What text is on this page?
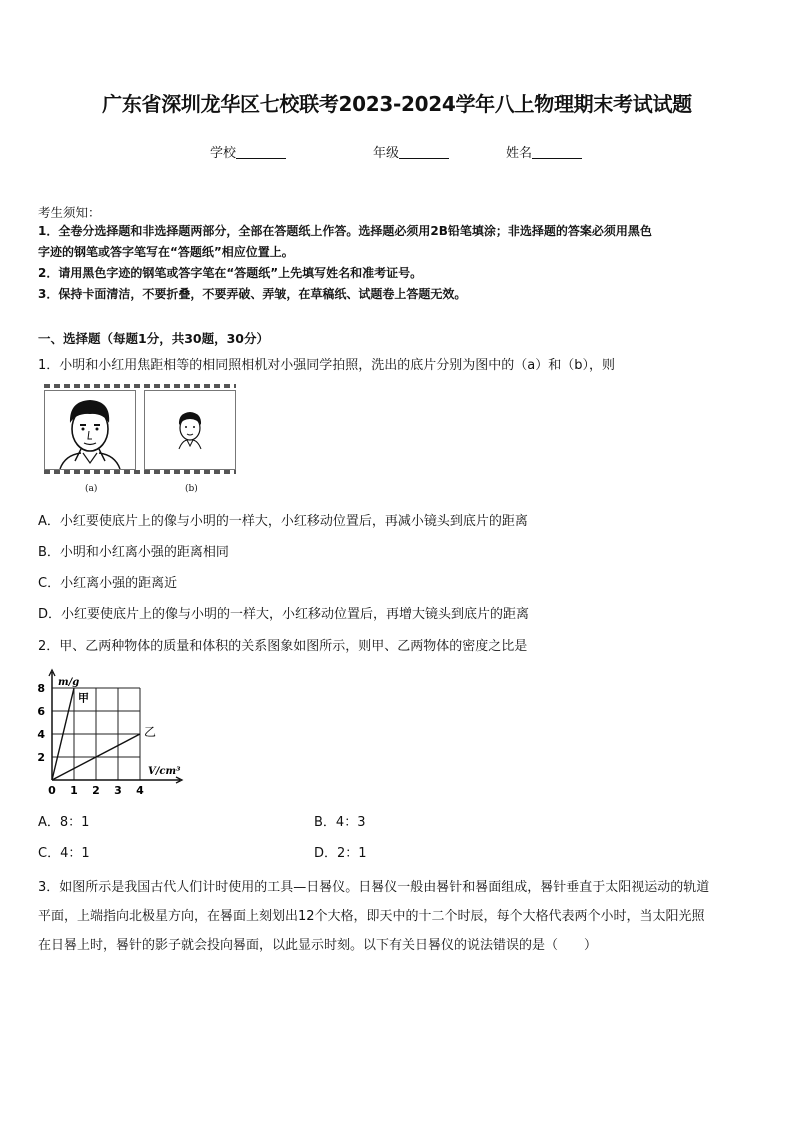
广东省深圳龙华区七校联考2023-2024学年八上物理期末考试试题
学校	年级	姓名
考生须知：
1．全卷分选择题和非选择题两部分，全部在答题纸上作答。选择题必须用2B铅笔填涂；非选择题的答案必须用黑色
字迹的钢笔或答字笔写在“答题纸”相应位置上。
2．请用黑色字迹的钢笔或答字笔在“答题纸”上先填写姓名和准考证号。
3．保持卡面清洁，不要折叠，不要弄破、弄皱，在草稿纸、试题卷上答题无效。
一、选择题（每题1分，共30题，30分）
1．小明和小红用焦距相等的相同照相机对小强同学拍照，洗出的底片分别为图中的（a）和（b），则
(a)	(b)
A．小红要使底片上的像与小明的一样大，小红移动位置后，再减小镜头到底片的距离
B．小明和小红离小强的距离相同
C．小红离小强的距离近
D．小红要使底片上的像与小明的一样大，小红移动位置后，再增大镜头到底片的距离
2．甲、乙两种物体的质量和体积的关系图象如图所示，则甲、乙两物体的密度之比是
0 1 2 3 4
2
4
6
8 m/g
V/cm³
甲
乙
A．8：1	B．4：3
C．4：1	D．2：1
3．如图所示是我国古代人们计时使用的工具—日晷仪。日晷仪一般由晷针和晷面组成，晷针垂直于太阳视运动的轨道
平面，上端指向北极星方向，在晷面上刻划出12个大格，即天中的十二个时辰，每个大格代表两个小时，当太阳光照
在日晷上时，晷针的影子就会投向晷面，以此显示时刻。以下有关日晷仪的说法错误的是（　　）
